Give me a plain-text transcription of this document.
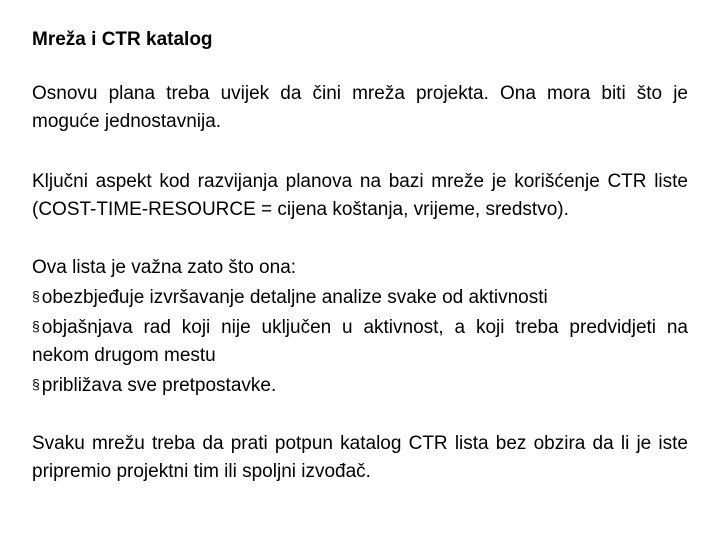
Mreža i CTR katalog
Osnovu plana treba uvijek da čini mreža projekta. Ona mora biti što je moguće jednostavnija.
Ključni aspekt kod razvijanja planova na bazi mreže je korišćenje CTR liste (COST-TIME-RESOURCE = cijena koštanja, vrijeme, sredstvo).
Ova lista je važna zato što ona:
§ obezbjeđuje izvršavanje detaljne analize svake od aktivnosti
§ objašnjava rad koji nije uključen u aktivnost, a koji treba predvidjeti na nekom drugom mestu
§ približava sve pretpostavke.
Svaku mrežu treba da prati potpun katalog CTR lista bez obzira da li je iste pripremio projektni tim ili spoljni izvođač.
